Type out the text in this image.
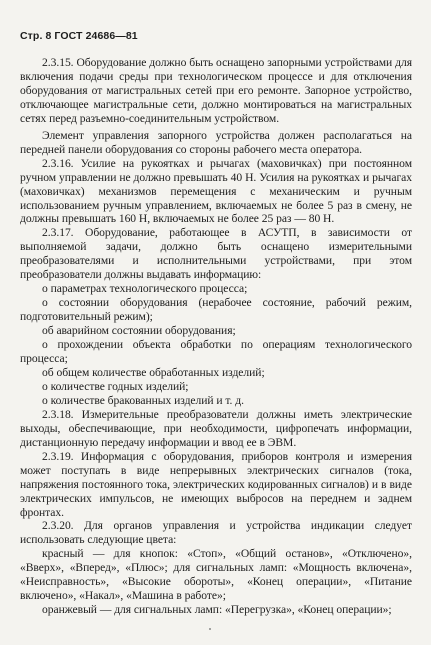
Стр. 8 ГОСТ 24686—81

2.3.15. Оборудование должно быть оснащено запорными устройствами для включения подачи среды при технологическом процессе и для отключения оборудования от магистральных сетей при его ремонте. Запорное устройство, отключающее магистральные сети, должно монтироваться на магистральных сетях перед разъемно-соединительным устройством.

Элемент управления запорного устройства должен располагаться на передней панели оборудования со стороны рабочего места оператора.

2.3.16. Усилие на рукоятках и рычагах (маховичках) при постоянном ручном управлении не должно превышать 40 Н. Усилия на рукоятках и рычагах (маховичках) механизмов перемещения с механическим и ручным использованием ручным управлением, включаемых не более 5 раз в смену, не должны превышать 160 Н, включаемых не более 25 раз — 80 Н.

2.3.17. Оборудование, работающее в АСУТП, в зависимости от выполняемой задачи, должно быть оснащено измерительными преобразователями и исполнительными устройствами, при этом преобразователи должны выдавать информацию:

о параметрах технологического процесса;

о состоянии оборудования (нерабочее состояние, рабочий режим, подготовительный режим);

об аварийном состоянии оборудования;

о прохождении объекта обработки по операциям технологического процесса;

об общем количестве обработанных изделий;

о количестве годных изделий;

о количестве бракованных изделий и т. д.

2.3.18. Измерительные преобразователи должны иметь электрические выходы, обеспечивающие, при необходимости, цифропечать информации, дистанционную передачу информации и ввод ее в ЭВМ.

2.3.19. Информация с оборудования, приборов контроля и измерения может поступать в виде непрерывных электрических сигналов (тока, напряжения постоянного тока, электрических кодированных сигналов) и в виде электрических импульсов, не имеющих выбросов на переднем и заднем фронтах.

2.3.20. Для органов управления и устройства индикации следует использовать следующие цвета:

красный — для кнопок: «Стоп», «Общий останов», «Отключено», «Вверх», «Вперед», «Плюс»; для сигнальных ламп: «Мощность включена», «Неисправность», «Высокие обороты», «Конец операции», «Питание включено», «Накал», «Машина в работе»;

оранжевый — для сигнальных ламп: «Перегрузка», «Конец операции»;
